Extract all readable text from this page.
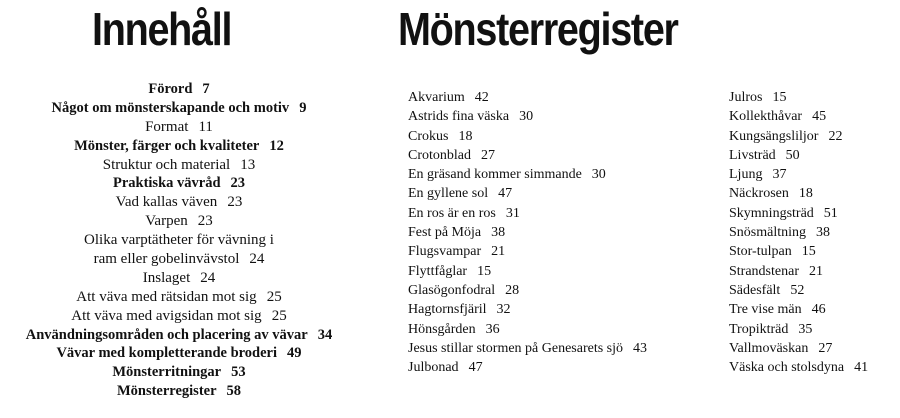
Innehåll	Mönsterregister
Förord 7
Något om mönsterskapande och motiv 9
Format 11
Mönster, färger och kvaliteter 12
Struktur och material 13
Praktiska vävråd 23
Vad kallas väven 23
Varpen 23
Olika varptätheter för vävning i
ram eller gobelinvävstol 24
Inslaget 24
Att väva med rätsidan mot sig 25
Att väva med avigsidan mot sig 25
Användningsområden och placering av vävar 34
Vävar med kompletterande broderi 49
Mönsterritningar 53
Mönsterregister 58
Akvarium 42
Astrids fina väska 30
Crokus 18
Crotonblad 27
En gräsand kommer simmande 30
En gyllene sol 47
En ros är en ros 31
Fest på Möja 38
Flugsvampar 21
Flyttfåglar 15
Glasögonfodral 28
Hagtornsfjäril 32
Hönsgården 36
Jesus stillar stormen på Genesarets sjö 43
Julbonad 47
Julros 15
Kollekthåvar 45
Kungsängsliljor 22
Livsträd 50
Ljung 37
Näckrosen 18
Skymningsträd 51
Snösmältning 38
Stor-tulpan 15
Strandstenar 21
Sädesfält 52
Tre vise män 46
Tropikträd 35
Vallmoväskan 27
Väska och stolsdyna 41
